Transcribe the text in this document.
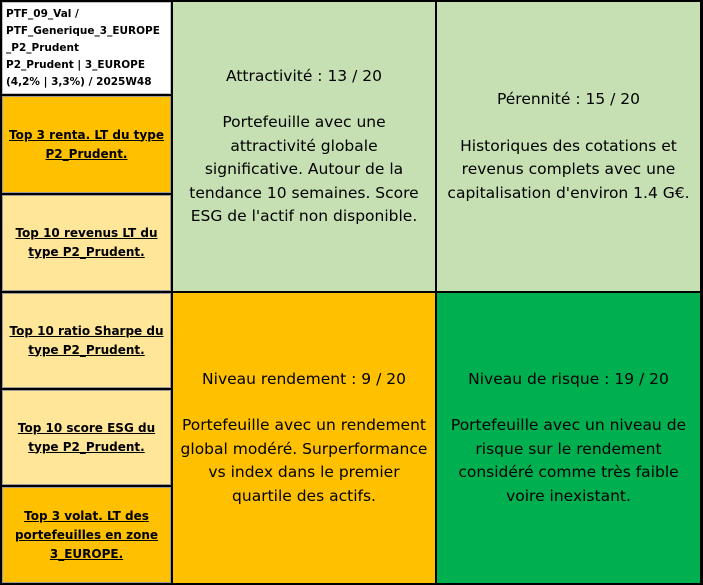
PTF_09_Val /
PTF_Generique_3_EUROPE
_P2_Prudent
P2_Prudent | 3_EUROPE
(4,2% | 3,3%) / 2025W48
Top 3 renta. LT du type P2_Prudent.
Top 10 revenus LT du type P2_Prudent.
Top 10 ratio Sharpe du type P2_Prudent.
Top 10 score ESG du type P2_Prudent.
Top 3 volat. LT des portefeuilles en zone 3_EUROPE.
Attractivité : 13 / 20
Portefeuille avec une attractivité globale significative. Autour de la tendance 10 semaines. Score ESG de l'actif non disponible.
Pérennité : 15 / 20
Historiques des cotations et revenus complets avec une capitalisation d'environ 1.4 G€.
Niveau rendement : 9 / 20
Portefeuille avec un rendement global modéré. Surperformance vs index dans le premier quartile des actifs.
Niveau de risque : 19 / 20
Portefeuille avec un niveau de risque sur le rendement considéré comme très faible voire inexistant.
